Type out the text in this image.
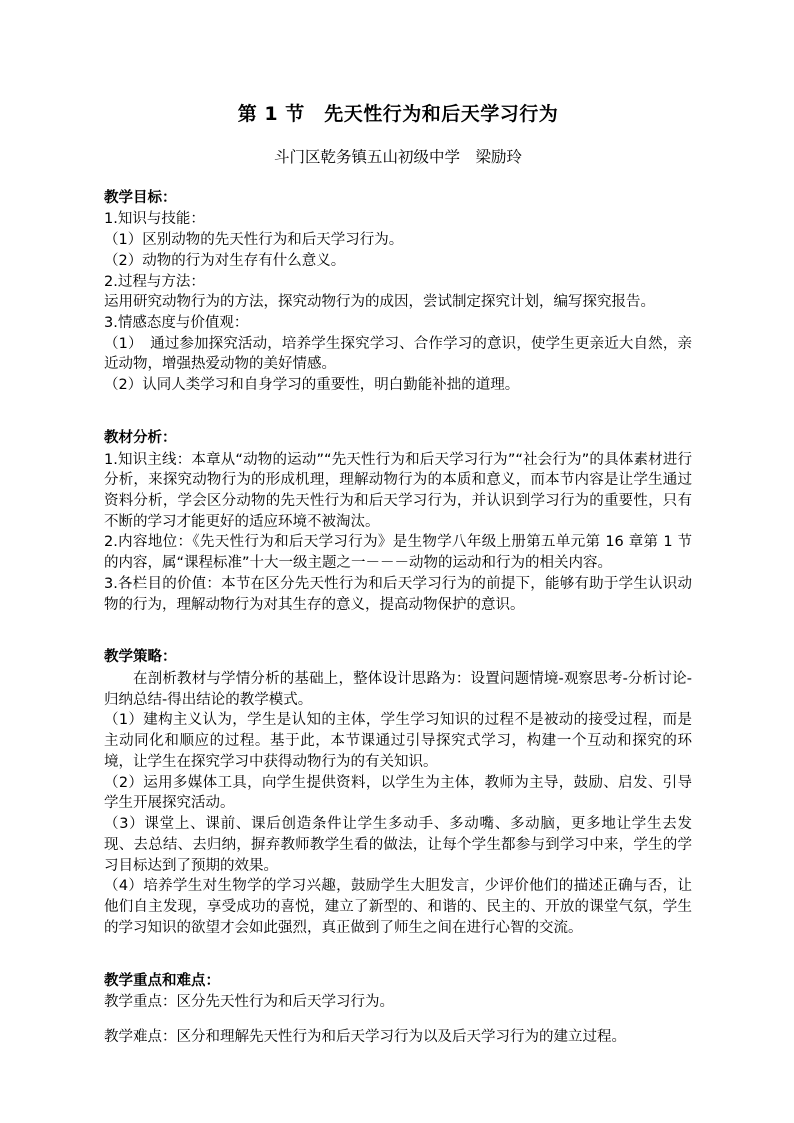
第 1 节　先天性行为和后天学习行为
斗门区乾务镇五山初级中学　梁励玲
教学目标：

1.知识与技能：

（1）区别动物的先天性行为和后天学习行为。

（2）动物的行为对生存有什么意义。

2.过程与方法：

运用研究动物行为的方法，探究动物行为的成因，尝试制定探究计划，编写探究报告。

3.情感态度与价值观：

（1）　通过参加探究活动，培养学生探究学习、合作学习的意识，使学生更亲近大自然，亲近动物，增强热爱动物的美好情感。

（2）认同人类学习和自身学习的重要性，明白勤能补拙的道理。

教材分析：

1.知识主线：本章从“动物的运动”“先天性行为和后天学习行为”“社会行为”的具体素材进行分析，来探究动物行为的形成机理，理解动物行为的本质和意义，而本节内容是让学生通过资料分析，学会区分动物的先天性行为和后天学习行为，并认识到学习行为的重要性，只有不断的学习才能更好的适应环境不被淘汰。

2.内容地位：《先天性行为和后天学习行为》是生物学八年级上册第五单元第 16 章第 1 节的内容，属“课程标准”十大一级主题之一－－－动物的运动和行为的相关内容。

3.各栏目的价值：本节在区分先天性行为和后天学习行为的前提下，能够有助于学生认识动物的行为，理解动物行为对其生存的意义，提高动物保护的意识。

教学策略：

在剖析教材与学情分析的基础上，整体设计思路为：设置问题情境-观察思考-分析讨论-归纳总结-得出结论的教学模式。

（1）建构主义认为，学生是认知的主体，学生学习知识的过程不是被动的接受过程，而是主动同化和顺应的过程。基于此，本节课通过引导探究式学习，构建一个互动和探究的环境，让学生在探究学习中获得动物行为的有关知识。

（2）运用多媒体工具，向学生提供资料，以学生为主体，教师为主导，鼓励、启发、引导学生开展探究活动。

（3）课堂上、课前、课后创造条件让学生多动手、多动嘴、多动脑，更多地让学生去发现、去总结、去归纳，摒弃教师教学生看的做法，让每个学生都参与到学习中来，学生的学习目标达到了预期的效果。

（4）培养学生对生物学的学习兴趣，鼓励学生大胆发言，少评价他们的描述正确与否，让他们自主发现，享受成功的喜悦，建立了新型的、和谐的、民主的、开放的课堂气氛，学生的学习知识的欲望才会如此强烈，真正做到了师生之间在进行心智的交流。

教学重点和难点：

教学重点：区分先天性行为和后天学习行为。

教学难点：区分和理解先天性行为和后天学习行为以及后天学习行为的建立过程。
